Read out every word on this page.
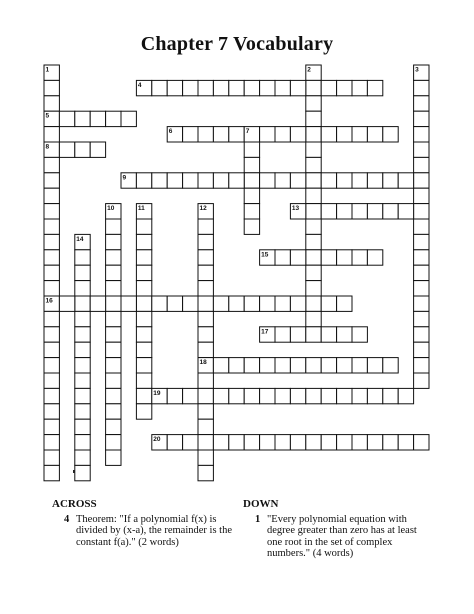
Chapter 7 Vocabulary
1	2	3
4
5
6	7
8
9
10	11	12	13
14
15
16
17
18
19
20
ACROSS
4 Theorem: "If a polynomial f(x) is divided by (x-a), the remainder is the constant f(a)." (2 words)
DOWN
1 "Every polynomial equation with degree greater than zero has at least one root in the set of complex numbers." (4 words)
